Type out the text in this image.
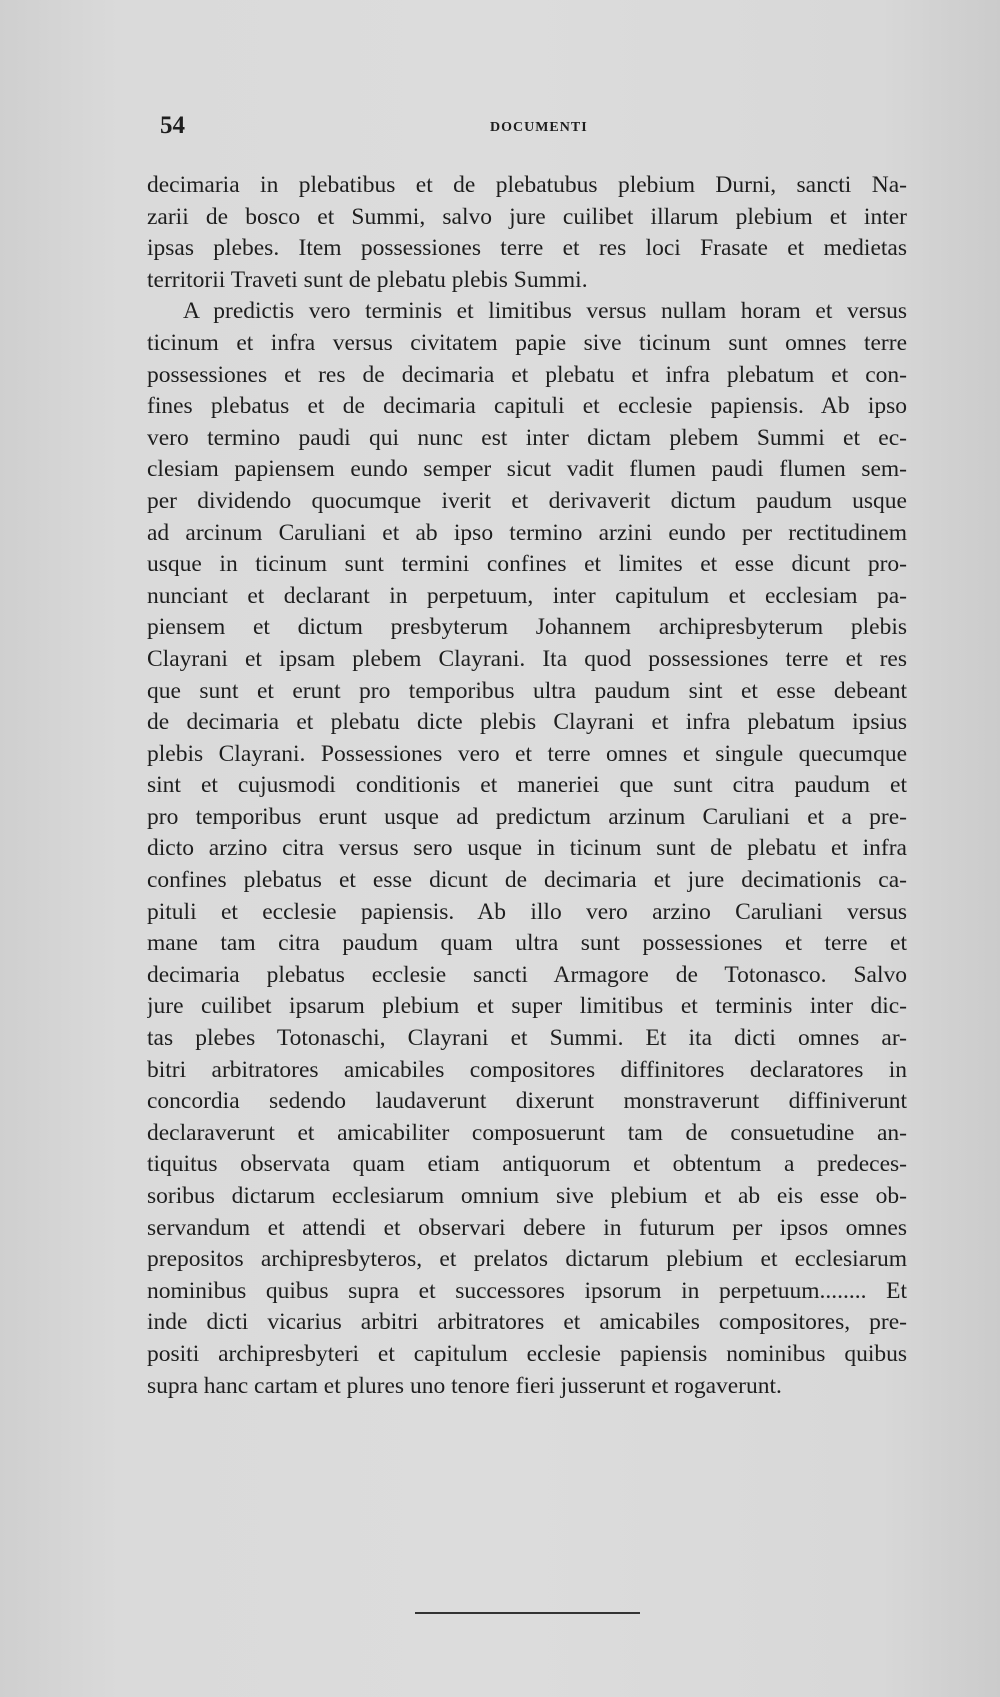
54	DOCUMENTI
decimaria in plebatibus et de plebatubus plebium Durni, sancti Na-
zarii de bosco et Summi, salvo jure cuilibet illarum plebium et inter
ipsas plebes. Item possessiones terre et res loci Frasate et medietas
territorii Traveti sunt de plebatu plebis Summi.
A predictis vero terminis et limitibus versus nullam horam et versus
ticinum et infra versus civitatem papie sive ticinum sunt omnes terre
possessiones et res de decimaria et plebatu et infra plebatum et con-
fines plebatus et de decimaria capituli et ecclesie papiensis. Ab ipso
vero termino paudi qui nunc est inter dictam plebem Summi et ec-
clesiam papiensem eundo semper sicut vadit flumen paudi flumen sem-
per dividendo quocumque iverit et derivaverit dictum paudum usque
ad arcinum Caruliani et ab ipso termino arzini eundo per rectitudinem
usque in ticinum sunt termini confines et limites et esse dicunt pro-
nunciant et declarant in perpetuum, inter capitulum et ecclesiam pa-
piensem et dictum presbyterum Johannem archipresbyterum plebis
Clayrani et ipsam plebem Clayrani. Ita quod possessiones terre et res
que sunt et erunt pro temporibus ultra paudum sint et esse debeant
de decimaria et plebatu dicte plebis Clayrani et infra plebatum ipsius
plebis Clayrani. Possessiones vero et terre omnes et singule quecumque
sint et cujusmodi conditionis et maneriei que sunt citra paudum et
pro temporibus erunt usque ad predictum arzinum Caruliani et a pre-
dicto arzino citra versus sero usque in ticinum sunt de plebatu et infra
confines plebatus et esse dicunt de decimaria et jure decimationis ca-
pituli et ecclesie papiensis. Ab illo vero arzino Caruliani versus
mane tam citra paudum quam ultra sunt possessiones et terre et
decimaria plebatus ecclesie sancti Armagore de Totonasco. Salvo
jure cuilibet ipsarum plebium et super limitibus et terminis inter dic-
tas plebes Totonaschi, Clayrani et Summi. Et ita dicti omnes ar-
bitri arbitratores amicabiles compositores diffinitores declaratores in
concordia sedendo laudaverunt dixerunt monstraverunt diffiniverunt
declaraverunt et amicabiliter composuerunt tam de consuetudine an-
tiquitus observata quam etiam antiquorum et obtentum a predeces-
soribus dictarum ecclesiarum omnium sive plebium et ab eis esse ob-
servandum et attendi et observari debere in futurum per ipsos omnes
prepositos archipresbyteros, et prelatos dictarum plebium et ecclesiarum
nominibus quibus supra et successores ipsorum in perpetuum........ Et
inde dicti vicarius arbitri arbitratores et amicabiles compositores, pre-
positi archipresbyteri et capitulum ecclesie papiensis nominibus quibus
supra hanc cartam et plures uno tenore fieri jusserunt et rogaverunt.
